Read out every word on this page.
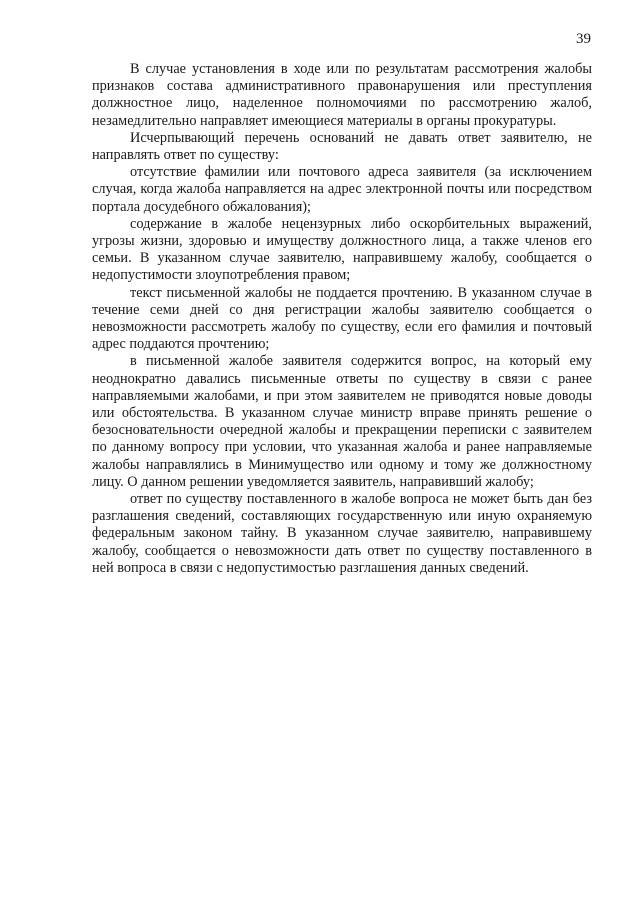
39

В случае установления в ходе или по результатам рассмотрения жалобы признаков состава административного правонарушения или преступления должностное лицо, наделенное полномочиями по рассмотрению жалоб, незамедлительно направляет имеющиеся материалы в органы прокуратуры.

Исчерпывающий перечень оснований не давать ответ заявителю, не направлять ответ по существу:

отсутствие фамилии или почтового адреса заявителя (за исключением случая, когда жалоба направляется на адрес электронной почты или посредством портала досудебного обжалования);

содержание в жалобе нецензурных либо оскорбительных выражений, угрозы жизни, здоровью и имуществу должностного лица, а также членов его семьи. В указанном случае заявителю, направившему жалобу, сообщается о недопустимости злоупотребления правом;

текст письменной жалобы не поддается прочтению. В указанном случае в течение семи дней со дня регистрации жалобы заявителю сообщается о невозможности рассмотреть жалобу по существу, если его фамилия и почтовый адрес поддаются прочтению;

в письменной жалобе заявителя содержится вопрос, на который ему неоднократно давались письменные ответы по существу в связи с ранее направляемыми жалобами, и при этом заявителем не приводятся новые доводы или обстоятельства. В указанном случае министр вправе принять решение о безосновательности очередной жалобы и прекращении переписки с заявителем по данному вопросу при условии, что указанная жалоба и ранее направляемые жалобы направлялись в Минимущество или одному и тому же должностному лицу. О данном решении уведомляется заявитель, направивший жалобу;

ответ по существу поставленного в жалобе вопроса не может быть дан без разглашения сведений, составляющих государственную или иную охраняемую федеральным законом тайну. В указанном случае заявителю, направившему жалобу, сообщается о невозможности дать ответ по существу поставленного в ней вопроса в связи с недопустимостью разглашения данных сведений.
